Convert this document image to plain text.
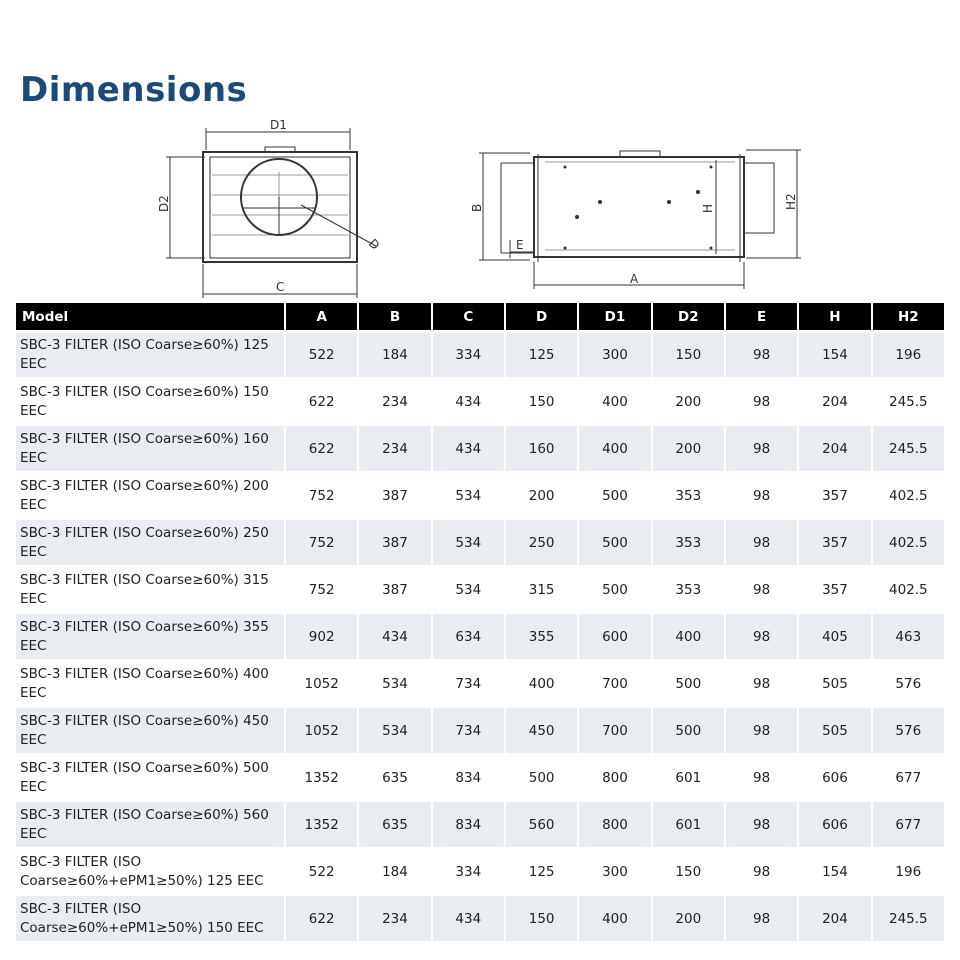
Dimensions
D1
D2
C
D
B
E
H	H2
A
Model	A	B	C	D	D1	D2	E	H	H2
SBC-3 FILTER (ISO Coarse≥60%) 125 EEC	522	184	334	125	300	150	98	154	196
SBC-3 FILTER (ISO Coarse≥60%) 150 EEC	622	234	434	150	400	200	98	204	245.5
SBC-3 FILTER (ISO Coarse≥60%) 160 EEC	622	234	434	160	400	200	98	204	245.5
SBC-3 FILTER (ISO Coarse≥60%) 200 EEC	752	387	534	200	500	353	98	357	402.5
SBC-3 FILTER (ISO Coarse≥60%) 250 EEC	752	387	534	250	500	353	98	357	402.5
SBC-3 FILTER (ISO Coarse≥60%) 315 EEC	752	387	534	315	500	353	98	357	402.5
SBC-3 FILTER (ISO Coarse≥60%) 355 EEC	902	434	634	355	600	400	98	405	463
SBC-3 FILTER (ISO Coarse≥60%) 400 EEC	1052	534	734	400	700	500	98	505	576
SBC-3 FILTER (ISO Coarse≥60%) 450 EEC	1052	534	734	450	700	500	98	505	576
SBC-3 FILTER (ISO Coarse≥60%) 500 EEC	1352	635	834	500	800	601	98	606	677
SBC-3 FILTER (ISO Coarse≥60%) 560 EEC	1352	635	834	560	800	601	98	606	677
SBC-3 FILTER (ISO Coarse≥60%+ePM1≥50%) 125 EEC	522	184	334	125	300	150	98	154	196
SBC-3 FILTER (ISO Coarse≥60%+ePM1≥50%) 150 EEC	622	234	434	150	400	200	98	204	245.5
